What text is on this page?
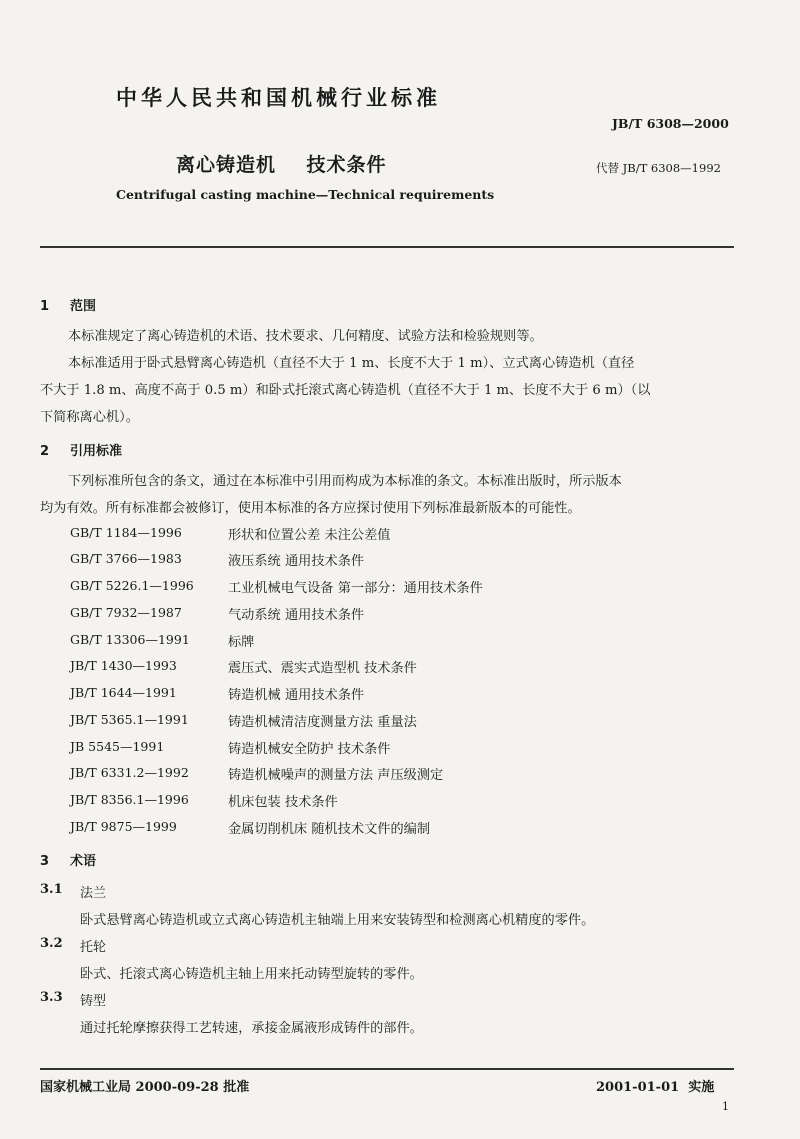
中华人民共和国机械行业标准
JB/T 6308—2000
离心铸造机    技术条件	代替 JB/T 6308—1992
Centrifugal casting machine—Technical requirements
1 范围
本标准规定了离心铸造机的术语、技术要求、几何精度、试验方法和检验规则等。
本标准适用于卧式悬臂离心铸造机（直径不大于 1 m、长度不大于 1 m）、立式离心铸造机（直径
不大于 1.8 m、高度不高于 0.5 m）和卧式托滚式离心铸造机（直径不大于 1 m、长度不大于 6 m）（以
下简称离心机）。
2 引用标准
下列标准所包含的条文，通过在本标准中引用而构成为本标准的条文。本标准出版时，所示版本
均为有效。所有标准都会被修订，使用本标准的各方应探讨使用下列标准最新版本的可能性。
GB/T 1184—1996	形状和位置公差 未注公差值
GB/T 3766—1983	液压系统 通用技术条件
GB/T 5226.1—1996	工业机械电气设备 第一部分：通用技术条件
GB/T 7932—1987	气动系统 通用技术条件
GB/T 13306—1991	标牌
JB/T 1430—1993	震压式、震实式造型机 技术条件
JB/T 1644—1991	铸造机械 通用技术条件
JB/T 5365.1—1991	铸造机械清洁度测量方法 重量法
JB 5545—1991	铸造机械安全防护 技术条件
JB/T 6331.2—1992	铸造机械噪声的测量方法 声压级测定
JB/T 8356.1—1996	机床包装 技术条件
JB/T 9875—1999	金属切削机床 随机技术文件的编制
3 术语
3.1 法兰
卧式悬臂离心铸造机或立式离心铸造机主轴端上用来安装铸型和检测离心机精度的零件。
3.2 托轮
卧式、托滚式离心铸造机主轴上用来托动铸型旋转的零件。
3.3 铸型
通过托轮摩擦获得工艺转速，承接金属液形成铸件的部件。
国家机械工业局 2000-09-28 批准	2001-01-01  实施
1
